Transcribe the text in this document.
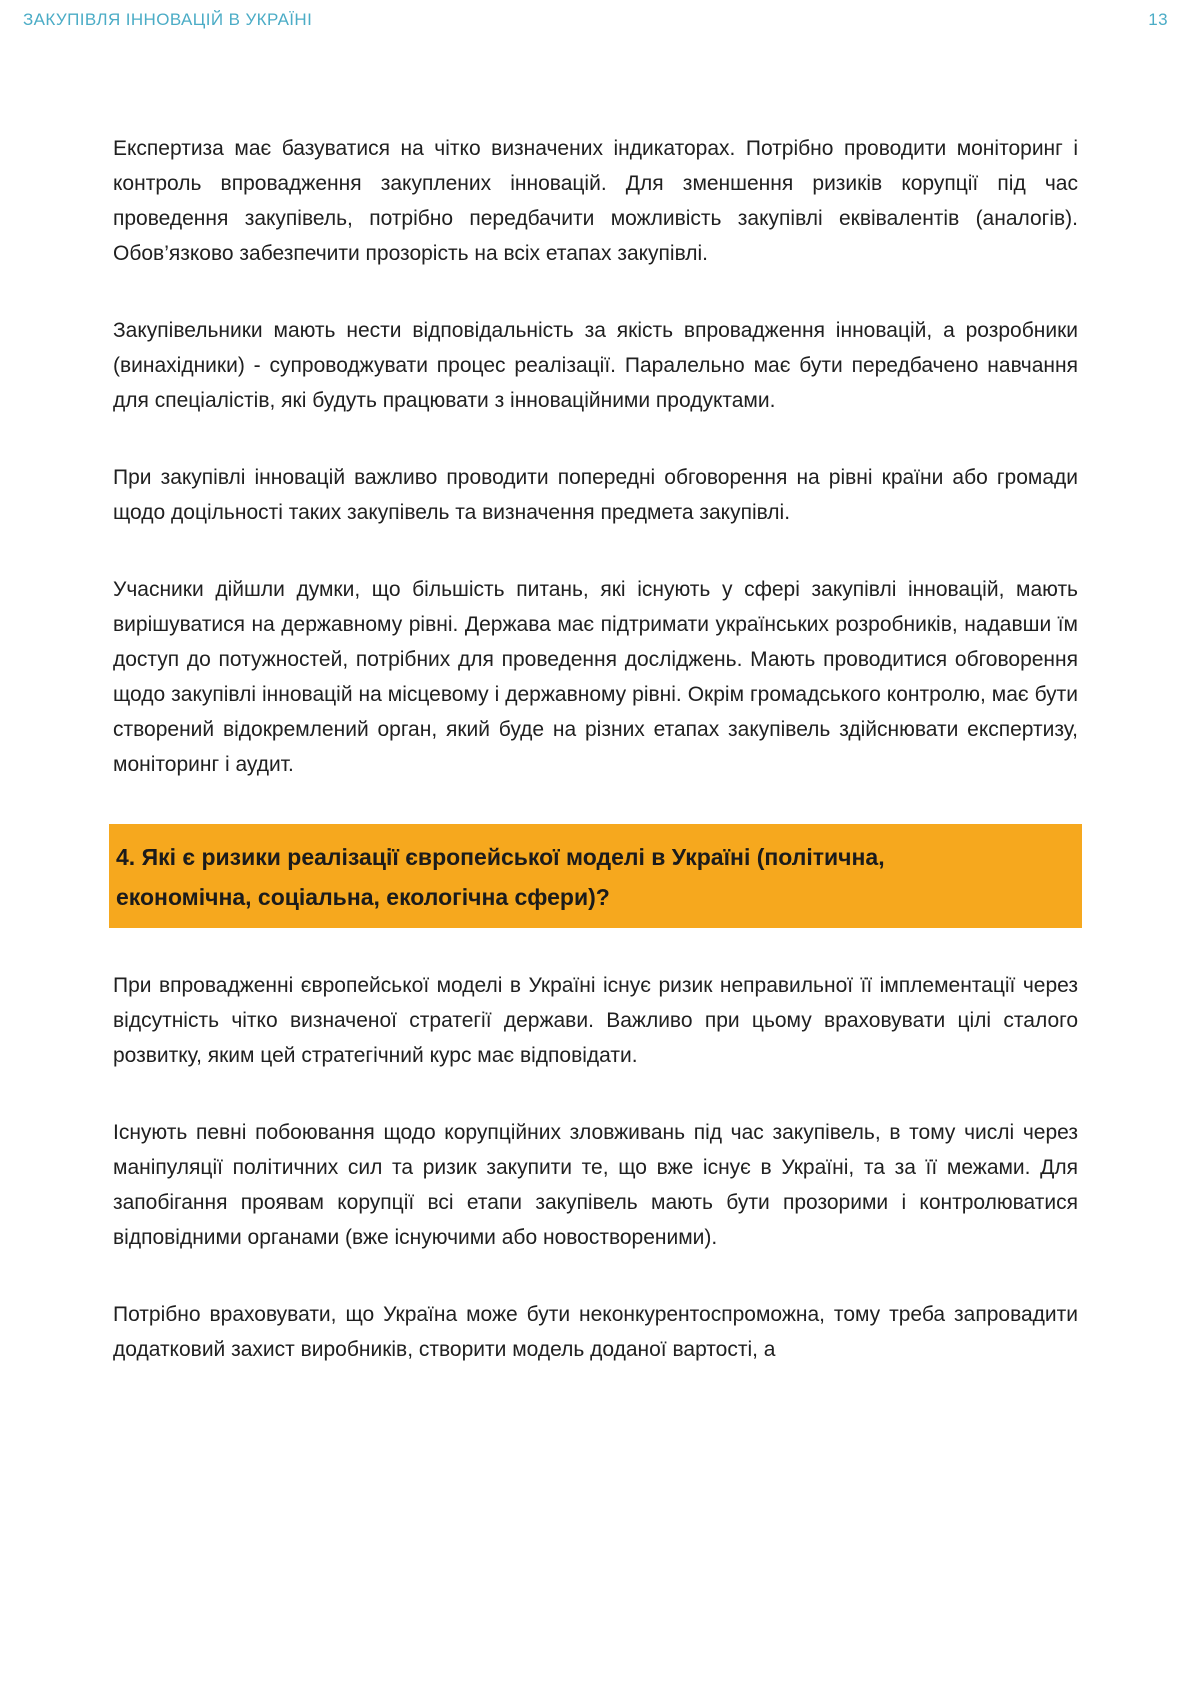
ЗАКУПІВЛЯ ІННОВАЦІЙ В УКРАЇНІ	13

Експертиза має базуватися на чітко визначених індикаторах. Потрібно проводити моніторинг і контроль впровадження закуплених інновацій. Для зменшення ризиків корупції під час проведення закупівель, потрібно передбачити можливість закупівлі еквівалентів (аналогів). Обов’язково забезпечити прозорість на всіх етапах закупівлі.

Закупівельники мають нести відповідальність за якість впровадження інновацій, а розробники (винахідники) - супроводжувати процес реалізації. Паралельно має бути передбачено навчання для спеціалістів, які будуть працювати з інноваційними продуктами.

При закупівлі інновацій важливо проводити попередні обговорення на рівні країни або громади щодо доцільності таких закупівель та визначення предмета закупівлі.

Учасники дійшли думки, що більшість питань, які існують у сфері закупівлі інновацій, мають вирішуватися на державному рівні. Держава має підтримати українських розробників, надавши їм доступ до потужностей, потрібних для проведення досліджень. Мають проводитися обговорення щодо закупівлі інновацій на місцевому і державному рівні. Окрім громадського контролю, має бути створений відокремлений орган, який буде на різних етапах закупівель здійснювати експертизу, моніторинг і аудит.

4. Які є ризики реалізації європейської моделі в Україні (політична, економічна, соціальна, екологічна сфери)?

При впровадженні європейської моделі в Україні існує ризик неправильної її імплементації через відсутність чітко визначеної стратегії держави. Важливо при цьому враховувати цілі сталого розвитку, яким цей стратегічний курс має відповідати.

Існують певні побоювання щодо корупційних зловживань під час закупівель, в тому числі через маніпуляції політичних сил та ризик закупити те, що вже існує в Україні, та за її межами. Для запобігання проявам корупції всі етапи закупівель мають бути прозорими і контролюватися відповідними органами (вже існуючими або новоствореними).

Потрібно враховувати, що Україна може бути неконкурентоспроможна, тому треба запровадити додатковий захист виробників, створити модель доданої вартості, а
